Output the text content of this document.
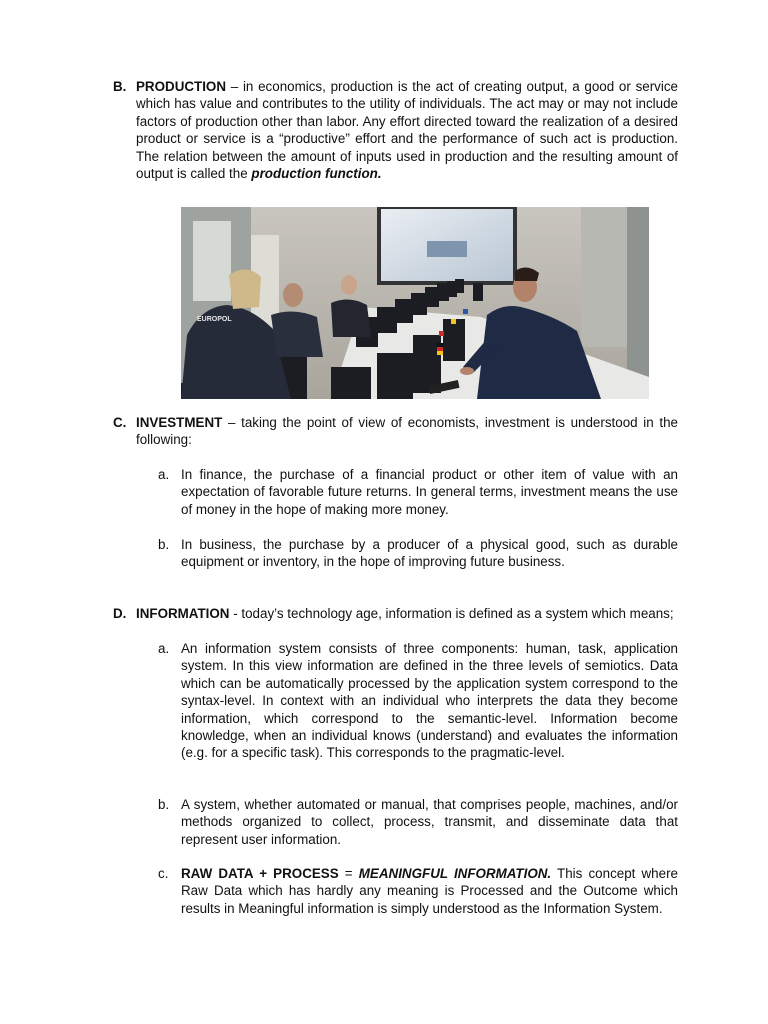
B. PRODUCTION – in economics, production is the act of creating output, a good or service which has value and contributes to the utility of individuals. The act may or may not include factors of production other than labor. Any effort directed toward the realization of a desired product or service is a “productive” effort and the performance of such act is production. The relation between the amount of inputs used in production and the resulting amount of output is called the production function.
EUROPOL
C. INVESTMENT – taking the point of view of economists, investment is understood in the following:
a. In finance, the purchase of a financial product or other item of value with an expectation of favorable future returns. In general terms, investment means the use of money in the hope of making more money.
b. In business, the purchase by a producer of a physical good, such as durable equipment or inventory, in the hope of improving future business.
D. INFORMATION - today’s technology age, information is defined as a system which means;
a. An information system consists of three components: human, task, application system. In this view information are defined in the three levels of semiotics. Data which can be automatically processed by the application system correspond to the syntax-level. In context with an individual who interprets the data they become information, which correspond to the semantic-level. Information become knowledge, when an individual knows (understand) and evaluates the information (e.g. for a specific task). This corresponds to the pragmatic-level.
b. A system, whether automated or manual, that comprises people, machines, and/or methods organized to collect, process, transmit, and disseminate data that represent user information.
c. RAW DATA + PROCESS = MEANINGFUL INFORMATION. This concept where Raw Data which has hardly any meaning is Processed and the Outcome which results in Meaningful information is simply understood as the Information System.
